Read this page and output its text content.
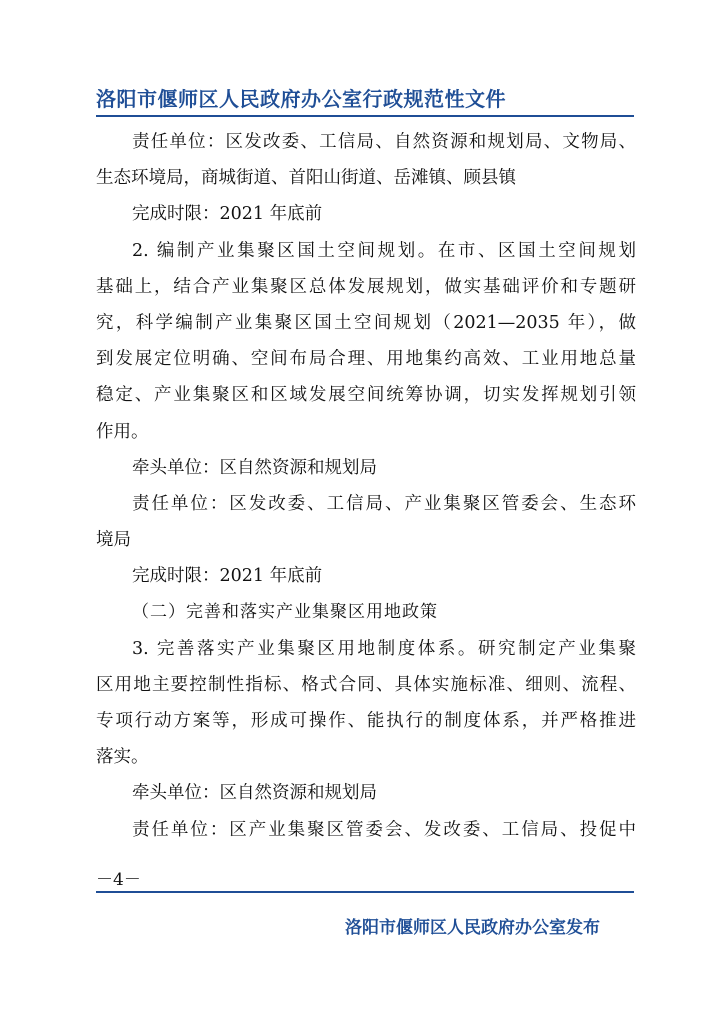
洛阳市偃师区人民政府办公室行政规范性文件
责任单位：区发改委、工信局、自然资源和规划局、文物局、
生态环境局，商城街道、首阳山街道、岳滩镇、顾县镇
完成时限：2021 年底前
2. 编制产业集聚区国土空间规划。在市、区国土空间规划
基础上，结合产业集聚区总体发展规划，做实基础评价和专题研
究，科学编制产业集聚区国土空间规划（2021—2035 年），做
到发展定位明确、空间布局合理、用地集约高效、工业用地总量
稳定、产业集聚区和区域发展空间统筹协调，切实发挥规划引领
作用。
牵头单位：区自然资源和规划局
责任单位：区发改委、工信局、产业集聚区管委会、生态环
境局
完成时限：2021 年底前
（二）完善和落实产业集聚区用地政策
3. 完善落实产业集聚区用地制度体系。研究制定产业集聚
区用地主要控制性指标、格式合同、具体实施标准、细则、流程、
专项行动方案等，形成可操作、能执行的制度体系，并严格推进
落实。
牵头单位：区自然资源和规划局
责任单位：区产业集聚区管委会、发改委、工信局、投促中
－4－
洛阳市偃师区人民政府办公室发布
